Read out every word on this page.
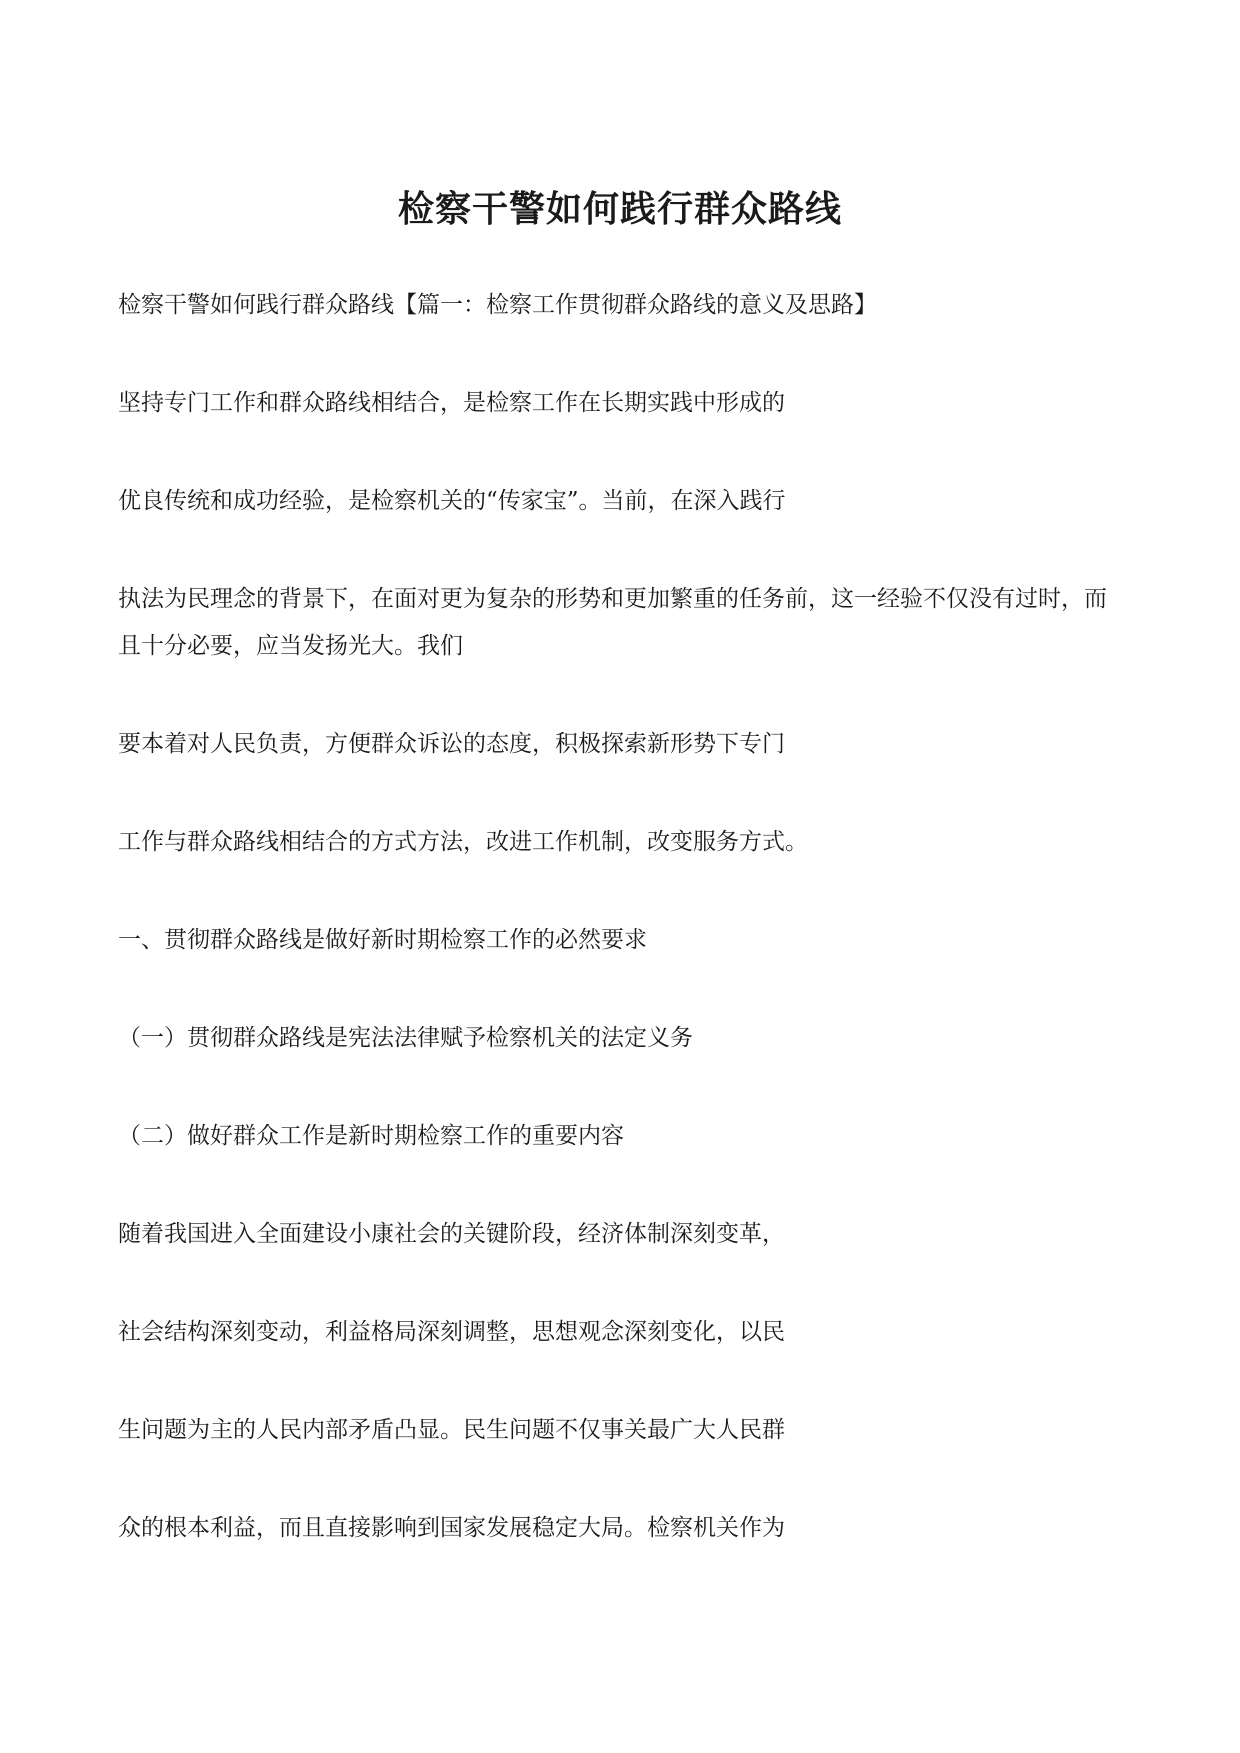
检察干警如何践行群众路线

检察干警如何践行群众路线【篇一：检察工作贯彻群众路线的意义及思路】

坚持专门工作和群众路线相结合，是检察工作在长期实践中形成的

优良传统和成功经验，是检察机关的“传家宝”。当前，在深入践行

执法为民理念的背景下，在面对更为复杂的形势和更加繁重的任务前，这一经验不仅没有过时，而且十分必要，应当发扬光大。我们

要本着对人民负责，方便群众诉讼的态度，积极探索新形势下专门

工作与群众路线相结合的方式方法，改进工作机制，改变服务方式。

一、贯彻群众路线是做好新时期检察工作的必然要求

（一）贯彻群众路线是宪法法律赋予检察机关的法定义务

（二）做好群众工作是新时期检察工作的重要内容

随着我国进入全面建设小康社会的关键阶段，经济体制深刻变革，

社会结构深刻变动，利益格局深刻调整，思想观念深刻变化，以民

生问题为主的人民内部矛盾凸显。民生问题不仅事关最广大人民群

众的根本利益，而且直接影响到国家发展稳定大局。检察机关作为
